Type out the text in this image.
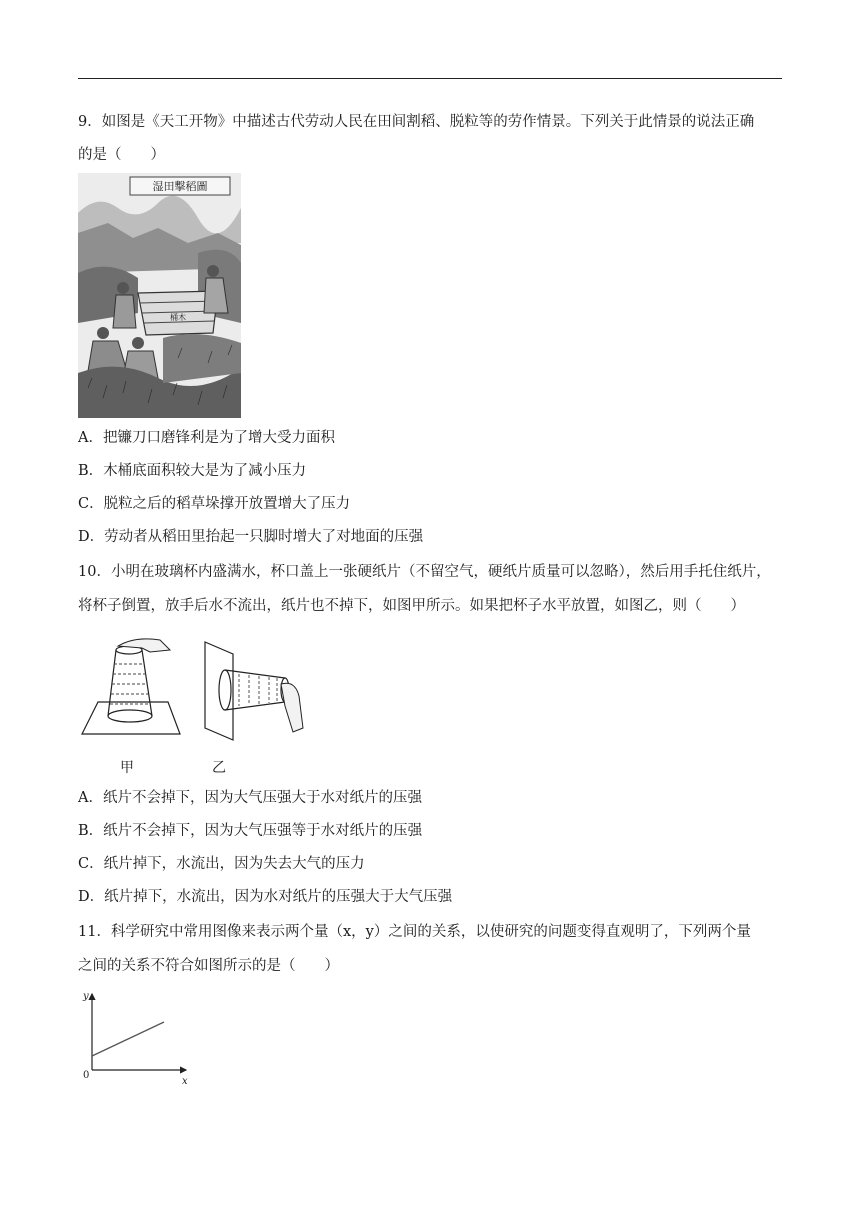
9．如图是《天工开物》中描述古代劳动人民在田间割稻、脱粒等的劳作情景。下列关于此情景的说法正确
的是（　　）
湿田擊稻圖
桶木
A．把镰刀口磨锋利是为了增大受力面积
B．木桶底面积较大是为了减小压力
C．脱粒之后的稻草垛撑开放置增大了压力
D．劳动者从稻田里抬起一只脚时增大了对地面的压强
10．小明在玻璃杯内盛满水，杯口盖上一张硬纸片（不留空气，硬纸片质量可以忽略），然后用手托住纸片，
将杯子倒置，放手后水不流出，纸片也不掉下，如图甲所示。如果把杯子水平放置，如图乙，则（　　）
甲	乙
A．纸片不会掉下，因为大气压强大于水对纸片的压强
B．纸片不会掉下，因为大气压强等于水对纸片的压强
C．纸片掉下，水流出，因为失去大气的压力
D．纸片掉下，水流出，因为水对纸片的压强大于大气压强
11．科学研究中常用图像来表示两个量（x，y）之间的关系，以使研究的问题变得直观明了，下列两个量
之间的关系不符合如图所示的是（　　）
y
x
0
